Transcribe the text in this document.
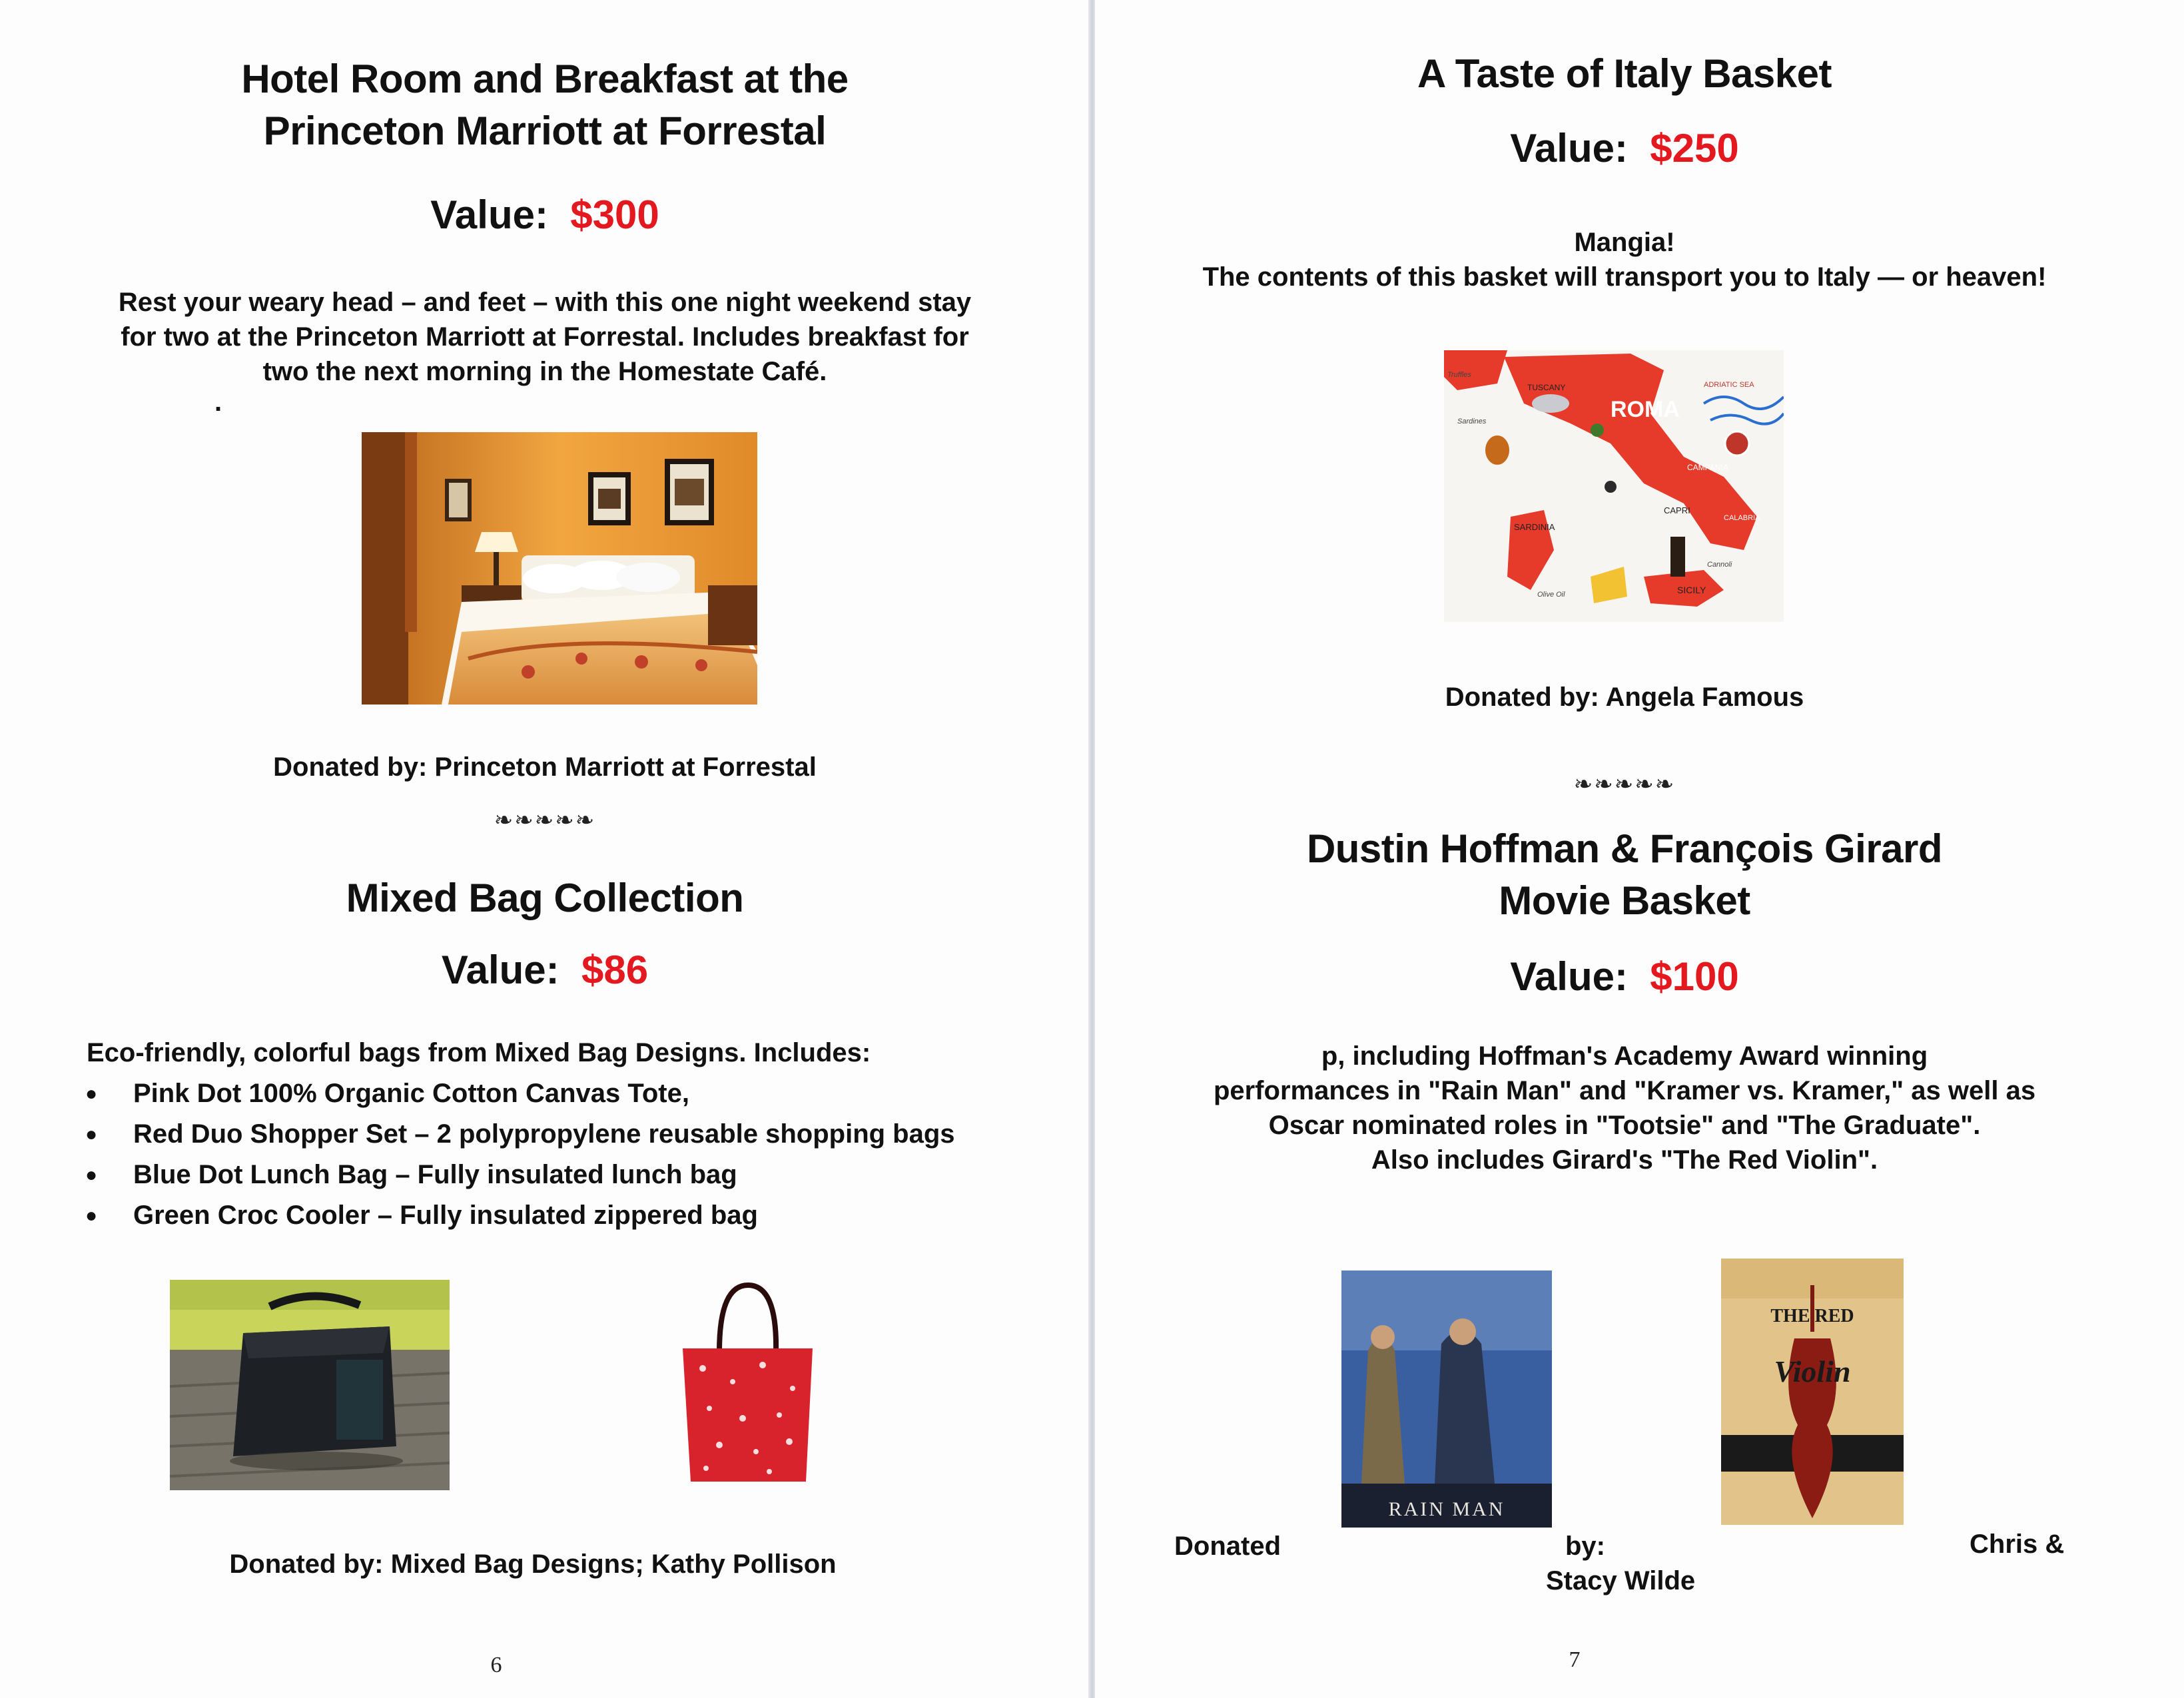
Hotel Room and Breakfast at the
Princeton Marriott at Forrestal
Value: $300
Rest your weary head – and feet – with this one night weekend stay
for two at the Princeton Marriott at Forrestal. Includes breakfast for
two the next morning in the Homestate Café.
.
Donated by: Princeton Marriott at Forrestal
❧❧❧❧❧
Mixed Bag Collection
Value: $86
Eco-friendly, colorful bags from Mixed Bag Designs. Includes:
● Pink Dot 100% Organic Cotton Canvas Tote,
● Red Duo Shopper Set – 2 polypropylene reusable shopping bags
● Blue Dot Lunch Bag – Fully insulated lunch bag
● Green Croc Cooler – Fully insulated zippered bag
Donated by: Mixed Bag Designs; Kathy Pollison
6
A Taste of Italy Basket
Value: $250
Mangia!
The contents of this basket will transport you to Italy — or heaven!
ROMA
TUSCANY
SARDINIA
CAPRI
SICILY
CAMPANIA
CALABRIA
ADRIATIC SEA
Sardines
Truffles
Olive Oil
Cannoli
Donated by: Angela Famous
❧❧❧❧❧
Dustin Hoffman & François Girard
Movie Basket
Value: $100
p, including Hoffman's Academy Award winning
performances in "Rain Man" and "Kramer vs. Kramer," as well as
Oscar nominated roles in "Tootsie" and "The Graduate".
Also includes Girard's "The Red Violin".
RAIN MAN
THE RED
Violin
Donated	by:
Stacy Wilde
Chris &
7
